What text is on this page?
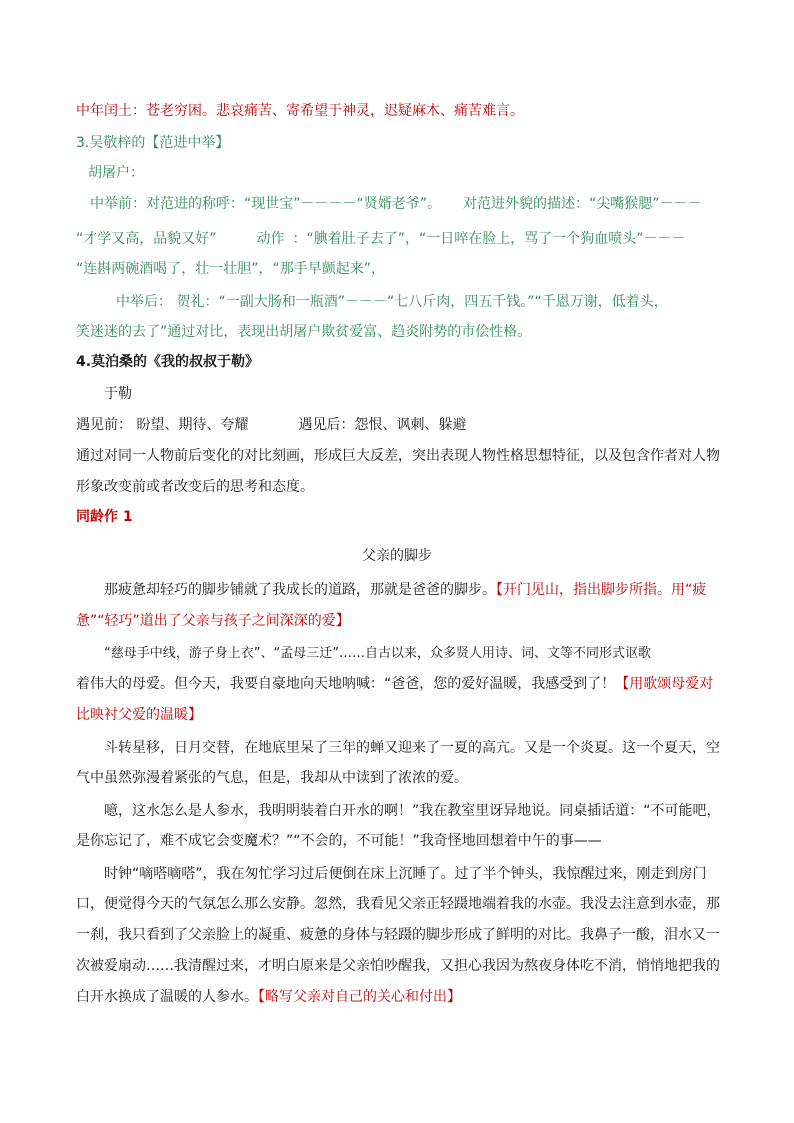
中年闰土：苍老穷困。悲哀痛苦、寄希望于神灵，迟疑麻木、痛苦难言。
3.吴敬梓的【范进中举】
胡屠户：
中举前：对范进的称呼：“现世宝”－－－－“贤婿老爷”。 对范进外貌的描述：“尖嘴猴腮”－－－
“才学又高，品貌又好”	动作 ：“腆着肚子去了”，“一日啐在脸上，骂了一个狗血喷头”－－－
“连斟两碗酒喝了，壮一壮胆”，“那手早颤起来”，
中举后： 贺礼：“一副大肠和一瓶酒”－－－“七八斤肉，四五千钱。”“千恩万谢，低着头，
笑迷迷的去了”通过对比，表现出胡屠户欺贫爱富、趋炎附势的市侩性格。
4.莫泊桑的《我的叔叔于勒》
于勒
遇见前： 盼望、期待、夸耀	遇见后：怨恨、讽刺、躲避
通过对同一人物前后变化的对比刻画，形成巨大反差，突出表现人物性格思想特征，以及包含作者对人物
形象改变前或者改变后的思考和态度。
同龄作 1
父亲的脚步
那疲惫却轻巧的脚步铺就了我成长的道路，那就是爸爸的脚步。【开门见山，指出脚步所指。用“疲
惫”“轻巧”道出了父亲与孩子之间深深的爱】
“慈母手中线，游子身上衣”、“孟母三迁”……自古以来，众多贤人用诗、词、文等不同形式讴歌
着伟大的母爱。但今天，我要自豪地向天地呐喊：“爸爸，您的爱好温暖，我感受到了！【用歌颂母爱对
比映衬父爱的温暖】
斗转星移，日月交替，在地底里呆了三年的蝉又迎来了一夏的高亢。又是一个炎夏。这一个夏天，空
气中虽然弥漫着紧张的气息，但是，我却从中读到了浓浓的爱。
噫，这水怎么是人参水，我明明装着白开水的啊！”我在教室里讶异地说。同桌插话道：“不可能吧，
是你忘记了，难不成它会变魔术？”“不会的，不可能！”我奇怪地回想着中午的事——
时钟“嘀嗒嘀嗒”，我在匆忙学习过后便倒在床上沉睡了。过了半个钟头，我惊醒过来，刚走到房门
口，便觉得今天的气氛怎么那么安静。忽然，我看见父亲正轻蹑地端着我的水壶。我没去注意到水壶，那
一刹，我只看到了父亲脸上的凝重、疲惫的身体与轻蹑的脚步形成了鲜明的对比。我鼻子一酸，泪水又一
次被爱扇动……我清醒过来，才明白原来是父亲怕吵醒我，又担心我因为熬夜身体吃不消，悄悄地把我的
白开水换成了温暖的人参水。【略写父亲对自己的关心和付出】
